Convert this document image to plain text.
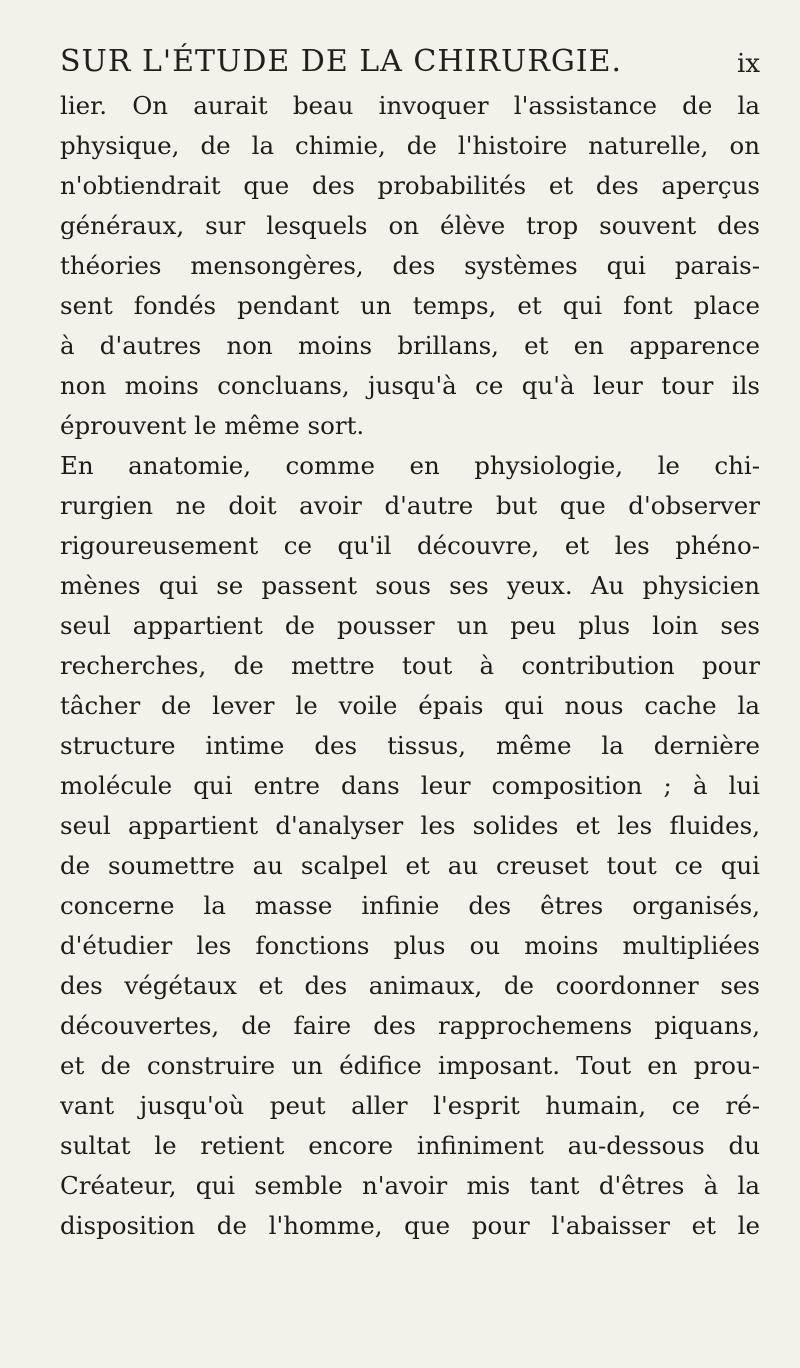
SUR L'ÉTUDE DE LA CHIRURGIE.	ix
lier. On aurait beau invoquer l'assistance de la
physique, de la chimie, de l'histoire naturelle, on
n'obtiendrait que des probabilités et des aperçus
généraux, sur lesquels on élève trop souvent des
théories mensongères, des systèmes qui parais-
sent fondés pendant un temps, et qui font place
à d'autres non moins brillans, et en apparence
non moins concluans, jusqu'à ce qu'à leur tour ils
éprouvent le même sort.
En anatomie, comme en physiologie, le chi-
rurgien ne doit avoir d'autre but que d'observer
rigoureusement ce qu'il découvre, et les phéno-
mènes qui se passent sous ses yeux. Au physicien
seul appartient de pousser un peu plus loin ses
recherches, de mettre tout à contribution pour
tâcher de lever le voile épais qui nous cache la
structure intime des tissus, même la dernière
molécule qui entre dans leur composition ; à lui
seul appartient d'analyser les solides et les fluides,
de soumettre au scalpel et au creuset tout ce qui
concerne la masse infinie des êtres organisés,
d'étudier les fonctions plus ou moins multipliées
des végétaux et des animaux, de coordonner ses
découvertes, de faire des rapprochemens piquans,
et de construire un édifice imposant. Tout en prou-
vant jusqu'où peut aller l'esprit humain, ce ré-
sultat le retient encore infiniment au-dessous du
Créateur, qui semble n'avoir mis tant d'êtres à la
disposition de l'homme, que pour l'abaisser et le
